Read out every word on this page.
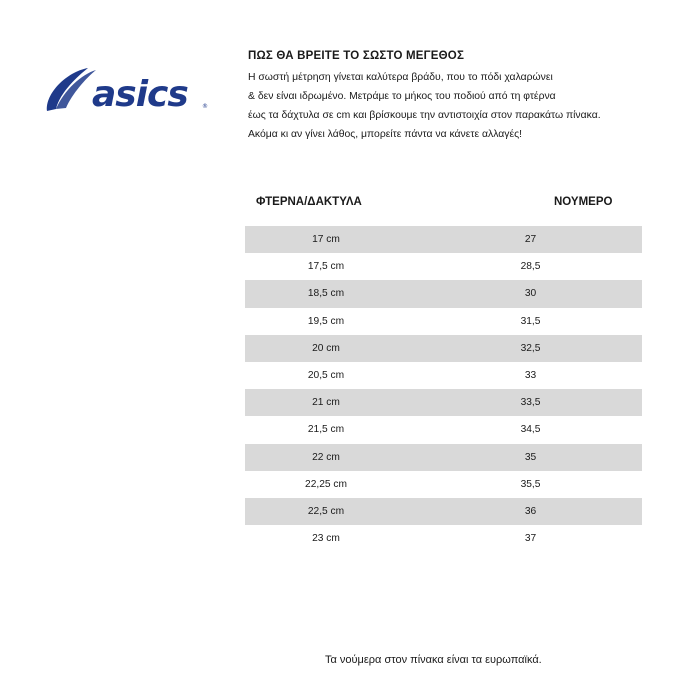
asics ®
ΠΩΣ ΘΑ ΒΡΕΙΤΕ ΤΟ ΣΩΣΤΟ ΜΕΓΕΘΟΣ
Η σωστή μέτρηση γίνεται καλύτερα βράδυ, που το πόδι χαλαρώνει
& δεν είναι ιδρωμένο. Μετράμε το μήκος του ποδιού από τη φτέρνα
έως τα δάχτυλα σε cm και βρίσκουμε την αντιστοιχία στον παρακάτω πίνακα.
Ακόμα κι αν γίνει λάθος, μπορείτε πάντα να κάνετε αλλαγές!
ΦΤΕΡΝΑ/ΔΑΚΤΥΛΑ	ΝΟΥΜΕΡΟ
17 cm	27
17,5 cm	28,5
18,5 cm	30
19,5 cm	31,5
20 cm	32,5
20,5 cm	33
21 cm	33,5
21,5 cm	34,5
22 cm	35
22,25 cm	35,5
22,5 cm	36
23 cm	37
Τα νούμερα στον πίνακα είναι τα ευρωπαϊκά.
